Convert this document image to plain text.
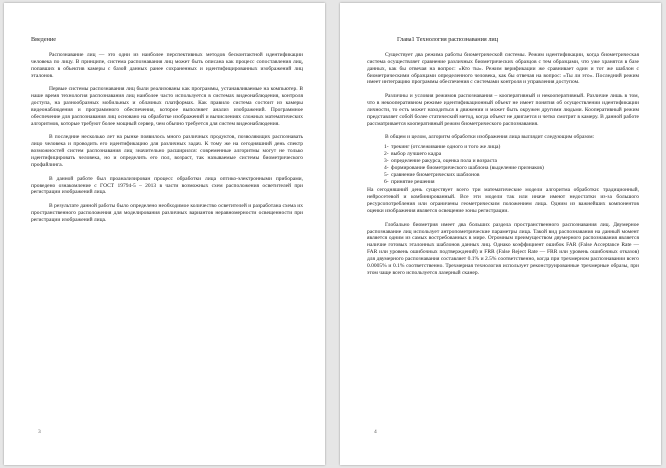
Введение

Распознавание лиц — это одни из наиболее перспективных методов бесконтактной идентификации человека по лицу. В принципе, система распознавания лиц может быть описана как процесс сопоставления лиц, попавших в объектив камеры с базой данных ранее сохраненных и идентифицированных изображений лиц эталонов.

Первые системы распознавания лиц были реализованы как программы, устанавливаемые на компьютер. В наше время технология распознавания лиц наиболее часто используется в системах видеонаблюдения, контроля доступа, на разнообразных мобильных и облачных платформах. Как правило система состоит из камеры видеонаблюдения и программного обеспечения, которое выполняет анализ изображений. Программное обеспечение для распознавания лиц основано на обработке изображений и вычислениях сложных математических алгоритмов, которые требуют более мощный сервер, чем обычно требуется для систем видеонаблюдения.

В последние несколько лет на рынке появилось много различных продуктов, позволяющих распознавать лицо человека и проводить его идентификацию для различных задач. К тому же на сегодняшний день спектр возможностей систем распознавания лиц значительно расширился: современные алгоритмы могут не только идентифицировать человека, но и определить его пол, возраст, так называемые системы биометрического профайлинга.

В данной работе был проанализирован процесс обработки лица оптико-электронными приборами, проведено ознакомление с ГОСТ 19794-5 – 2013 в части возможных схем расположения осветителей при регистрации изображений лица.

В результате данной работы было определено необходимое количество осветителей и разработана схема их пространственного расположения для моделирования различных вариантов неравномерности освещенности при регистрации изображений лица.

3
Глава1 Технология распознавания лиц

Существует два режима работы биометрической системы. Режим идентификации, когда биометрическая система осуществляет сравнение различных биометрических образцов с тем образцами, что уже хранятся в базе данных, как бы отвечая на вопрос: «Кто ты». Режим верификации же сравнивает один и тот же шаблон с биометрическими образцами определенного человека, как бы отвечая на вопрос: «Ты ли это». Последний режим имеет интеграцию программы обеспечения с системами контроля и управления доступом.

Различны и условия режимов распознавания – кооперативный и некооперативный. Различие лишь в том, что в некооперативном режиме идентификационный объект не имеет понятия об осуществлении идентификации личности, то есть может находиться в движении и может быть окружен другими людьми. Кооперативный режим представляет собой более статический метод, когда объект не двигается и четко смотрит в камеру. В данной работе рассматривается кооперативный режим биометрического распознавания.

В общем и целом, алгоритм обработки изображения лица выглядит следующим образом:

1- трекинг (отслеживание одного и того же лица)
2- выбор лучшего кадра
3- определение ракурса, оценка пола и возраста
4- формирование биометрического шаблона (выделение признаков)
5- сравнение биометрических шаблонов
6- принятие решения

На сегодняшний день существует всего три математические модели алгоритма обработки: традиционный, нейросетевой и комбинированный. Все эти модели так или иначе имеют недостатки из-за большого ресурсопотребления или ограничены геометрическим положением лица. Одним из важнейших компонентов оценки изображения является освещение зоны регистрации.

Глобально биометрия имеет два больших раздела пространственного распознавания лиц. Двумерное распознавание лиц использует антропометрические параметры лица. Такой вид распознавания на данный момент является одним из самых востребованных в мире. Огромным преимуществом двумерного распознавания является наличие готовых эталонных шаблонов данных лиц. Однако коэффициент ошибок FAR (False Acceptance Rate — FAR или уровень ошибочных подтверждений) и FRR (False Reject Rate — FRR или уровень ошибочных отказов) для двумерного распознавания составляет 0.1% и 2.5% соответственно, когда при трехмерном распознавании всего 0.0005% и 0.1% соответственно. Трехмерная технология использует реконструированные трехмерные образы, при этом чаще всего используется лазерный сканер.

4
